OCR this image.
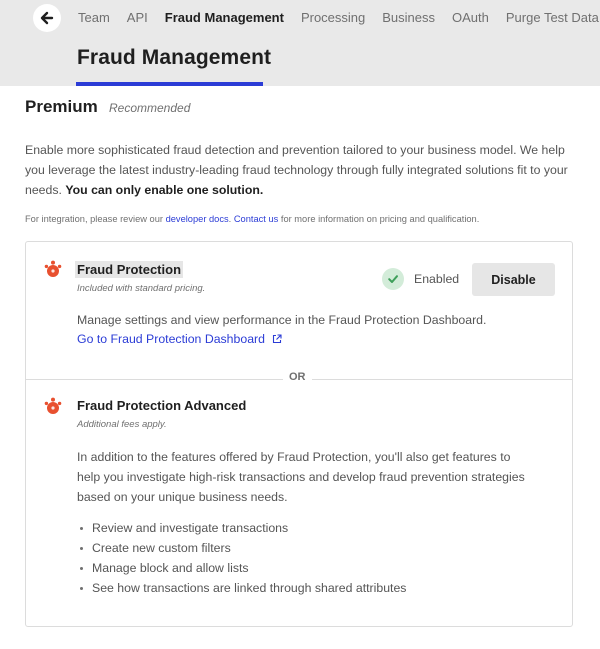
Team API Fraud Management Processing Business OAuth Purge Test Data
Fraud Management
Premium Recommended
Enable more sophisticated fraud detection and prevention tailored to your business model. We help you leverage the latest industry-leading fraud technology through fully integrated solutions fit to your needs. You can only enable one solution.
For integration, please review our developer docs. Contact us for more information on pricing and qualification.
Fraud Protection
Included with standard pricing.
Enabled	Disable
Manage settings and view performance in the Fraud Protection Dashboard.
Go to Fraud Protection Dashboard
OR
Fraud Protection Advanced
Additional fees apply.
In addition to the features offered by Fraud Protection, you'll also get features to help you investigate high-risk transactions and develop fraud prevention strategies based on your unique business needs.
Review and investigate transactions
Create new custom filters
Manage block and allow lists
See how transactions are linked through shared attributes
